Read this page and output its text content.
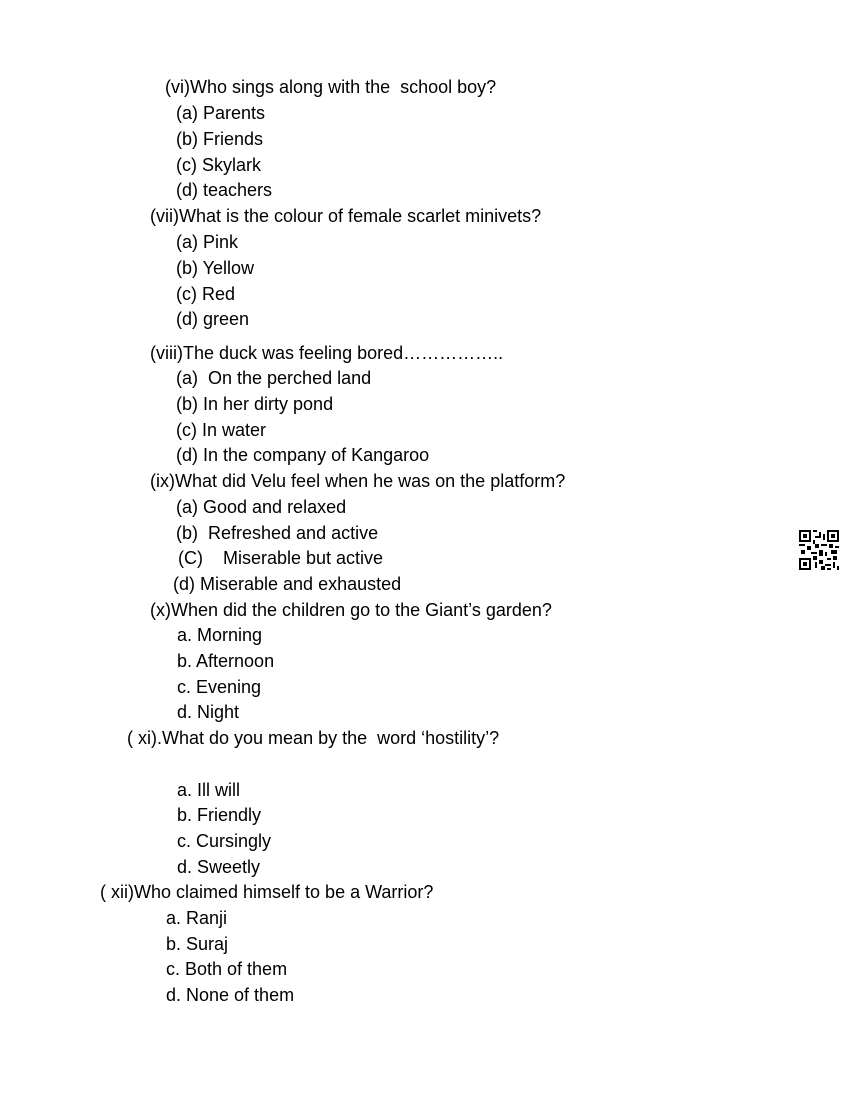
(vi)Who sings along with the  school boy?
(a) Parents
(b) Friends
(c) Skylark
(d) teachers
(vii)What is the colour of female scarlet minivets?
(a) Pink
(b) Yellow
(c) Red
(d) green
(viii)The duck was feeling bored……………..
(a)  On the perched land
(b) In her dirty pond
(c) In water
(d) In the company of Kangaroo
(ix)What did Velu feel when he was on the platform?
(a) Good and relaxed
(b)  Refreshed and active
(C)    Miserable but active
(d) Miserable and exhausted
(x)When did the children go to the Giant’s garden?
a. Morning
b. Afternoon
c. Evening
d. Night
( xi).What do you mean by the  word ‘hostility’?
a. Ill will
b. Friendly
c. Cursingly
d. Sweetly
( xii)Who claimed himself to be a Warrior?
a. Ranji
b. Suraj
c. Both of them
d. None of them
